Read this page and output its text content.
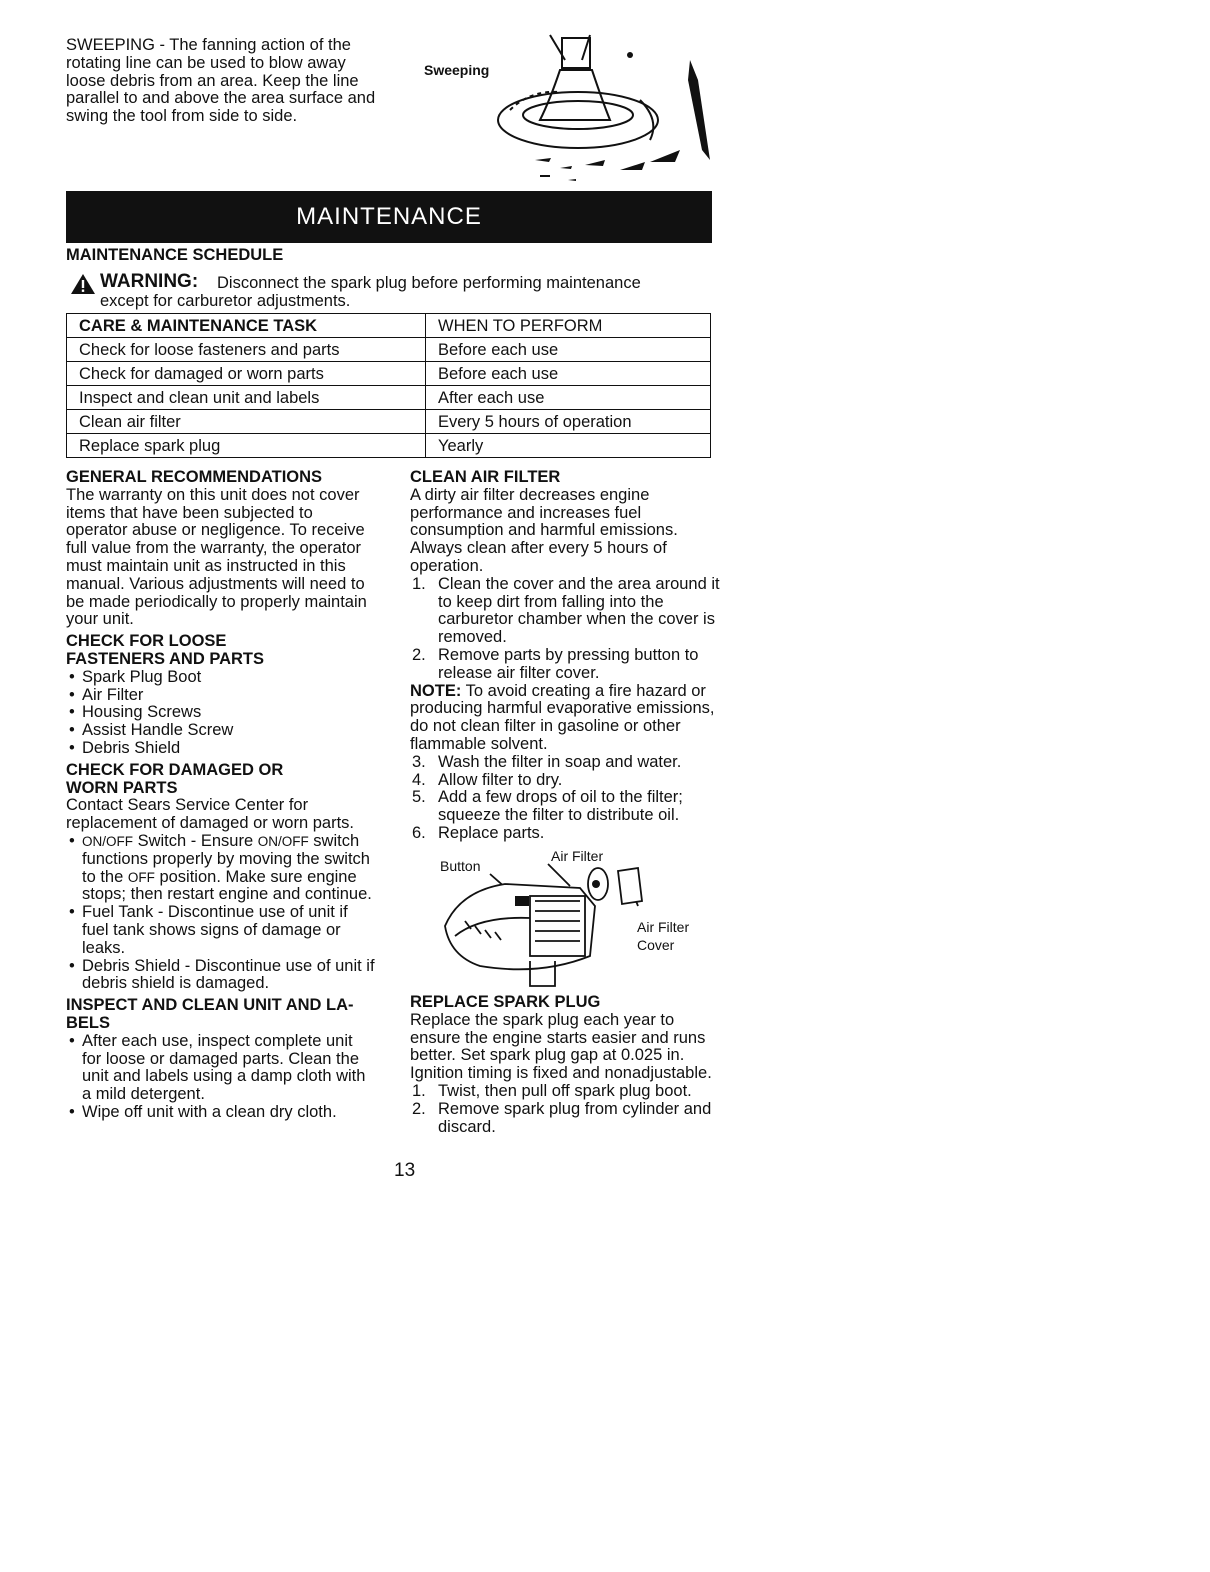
SWEEPING - The fanning action of the rotating line can be used to blow away loose debris from an area. Keep the line parallel to and above the area surface and swing the tool from side to side.

Sweeping
MAINTENANCE

MAINTENANCE SCHEDULE

WARNING: Disconnect the spark plug before performing maintenance
except for carburetor adjustments.
CARE & MAINTENANCE TASK	WHEN TO PERFORM
Check for loose fasteners and parts	Before each use
Check for damaged or worn parts	Before each use
Inspect and clean unit and labels	After each use
Clean air filter	Every 5 hours of operation
Replace spark plug	Yearly

GENERAL RECOMMENDATIONS

The warranty on this unit does not cover items that have been subjected to operator abuse or negligence. To receive full value from the warranty, the operator must maintain unit as instructed in this manual. Various adjustments will need to be made periodically to properly maintain your unit.

CHECK FOR LOOSE
FASTENERS AND PARTS

• Spark Plug Boot
• Air Filter
• Housing Screws
• Assist Handle Screw
• Debris Shield

CHECK FOR DAMAGED OR
WORN PARTS

Contact Sears Service Center for replacement of damaged or worn parts.

• ON/OFF Switch - Ensure ON/OFF switch functions properly by moving the switch to the OFF position. Make sure engine stops; then restart engine and continue.
• Fuel Tank - Discontinue use of unit if fuel tank shows signs of damage or leaks.
• Debris Shield - Discontinue use of unit if debris shield is damaged.

INSPECT AND CLEAN UNIT AND LA-
BELS

• After each use, inspect complete unit for loose or damaged parts. Clean the unit and labels using a damp cloth with a mild detergent.
• Wipe off unit with a clean dry cloth.

CLEAN AIR FILTER

A dirty air filter decreases engine performance and increases fuel consumption and harmful emissions. Always clean after every 5 hours of operation.

1. Clean the cover and the area around it to keep dirt from falling into the carburetor chamber when the cover is removed.
2. Remove parts by pressing button to release air filter cover.

NOTE: To avoid creating a fire hazard or producing harmful evaporative emissions, do not clean filter in gasoline or other flammable solvent.

3. Wash the filter in soap and water.
4. Allow filter to dry.
5. Add a few drops of oil to the filter; squeeze the filter to distribute oil.
6. Replace parts.
Button
Air Filter
Air Filter
Cover

REPLACE SPARK PLUG

Replace the spark plug each year to ensure the engine starts easier and runs better. Set spark plug gap at 0.025 in. Ignition timing is fixed and nonadjustable.

1. Twist, then pull off spark plug boot.
2. Remove spark plug from cylinder and discard.
13
